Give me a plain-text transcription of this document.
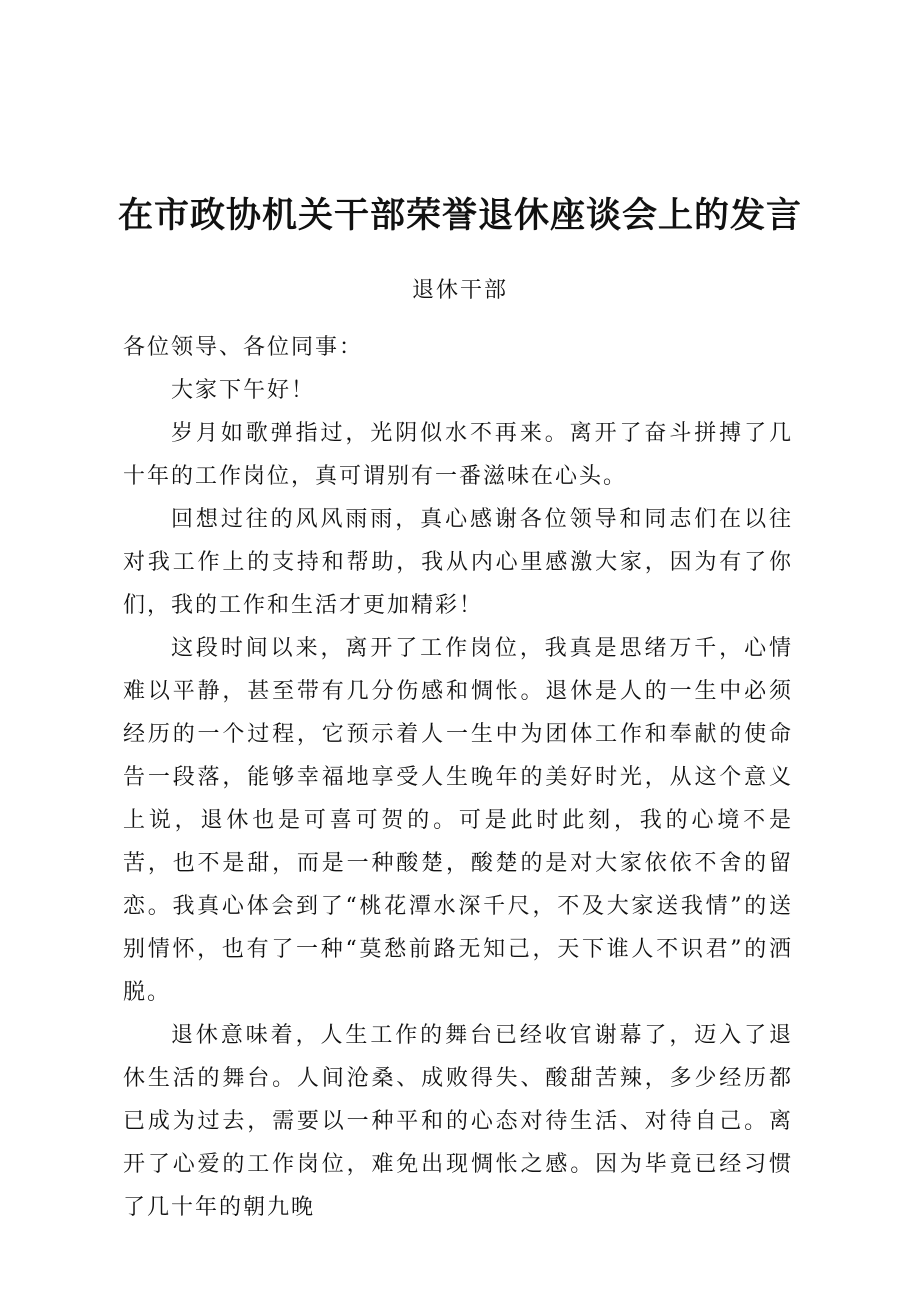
在市政协机关干部荣誉退休座谈会上的发言
退休干部

各位领导、各位同事：

大家下午好！

岁月如歌弹指过，光阴似水不再来。离开了奋斗拼搏了几十年的工作岗位，真可谓别有一番滋味在心头。

回想过往的风风雨雨，真心感谢各位领导和同志们在以往对我工作上的支持和帮助，我从内心里感激大家，因为有了你们，我的工作和生活才更加精彩！

这段时间以来，离开了工作岗位，我真是思绪万千，心情难以平静，甚至带有几分伤感和惆怅。退休是人的一生中必须经历的一个过程，它预示着人一生中为团体工作和奉献的使命告一段落，能够幸福地享受人生晚年的美好时光，从这个意义上说，退休也是可喜可贺的。可是此时此刻，我的心境不是苦，也不是甜，而是一种酸楚，酸楚的是对大家依依不舍的留恋。我真心体会到了“桃花潭水深千尺，不及大家送我情”的送别情怀，也有了一种“莫愁前路无知己，天下谁人不识君”的洒脱。

退休意味着，人生工作的舞台已经收官谢幕了，迈入了退休生活的舞台。人间沧桑、成败得失、酸甜苦辣，多少经历都已成为过去，需要以一种平和的心态对待生活、对待自己。离开了心爱的工作岗位，难免出现惆怅之感。因为毕竟已经习惯了几十年的朝九晚
